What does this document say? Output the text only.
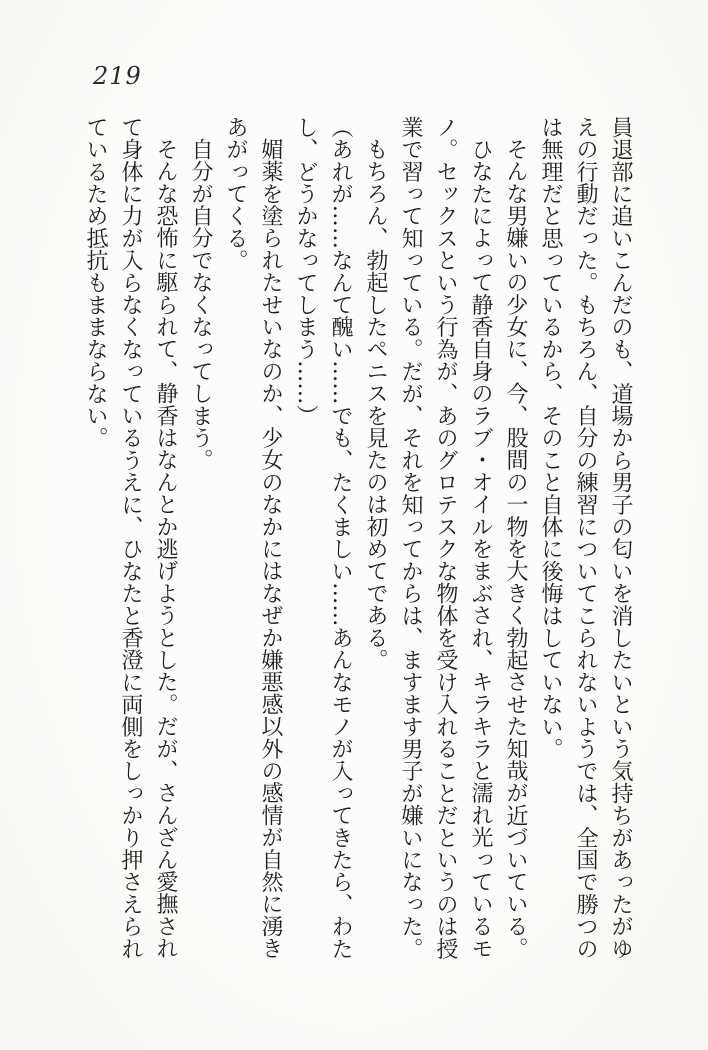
219

員退部に追いこんだのも、道場から男子の匂いを消したいという気持ちがあったがゆえの行動だった。もちろん、自分の練習についてこられないようでは、全国で勝つのは無理だと思っているから、そのこと自体に後悔はしていない。

そんな男嫌いの少女に、今、股間の一物を大きく勃起させた知哉が近づいている。

ひなたによって静香自身のラブ・オイルをまぶされ、キラキラと濡れ光っているモノ。セックスという行為が、あのグロテスクな物体を受け入れることだというのは授業で習って知っている。だが、それを知ってからは、ますます男子が嫌いになった。

もちろん、勃起したペニスを見たのは初めてである。

（あれが……なんて醜い……でも、たくましい……あんなモノが入ってきたら、わたし、どうかなってしまう……）

媚薬を塗られたせいなのか、少女のなかにはなぜか嫌悪感以外の感情が自然に湧きあがってくる。

自分が自分でなくなってしまう。

そんな恐怖に駆られて、静香はなんとか逃げようとした。だが、さんざん愛撫されて身体に力が入らなくなっているうえに、ひなたと香澄に両側をしっかり押さえられているため抵抗もままならない。
